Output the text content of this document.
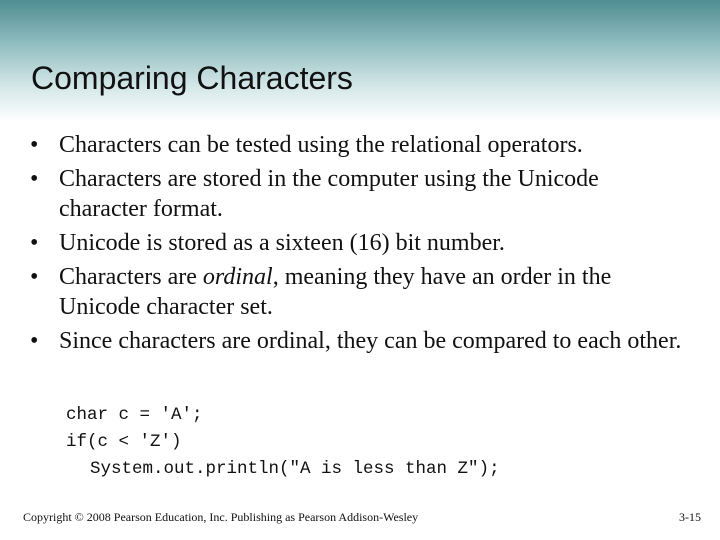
Comparing Characters
• Characters can be tested using the relational operators.
• Characters are stored in the computer using the Unicode character format.
• Unicode is stored as a sixteen (16) bit number.
• Characters are ordinal, meaning they have an order in the Unicode character set.
• Since characters are ordinal, they can be compared to each other.
char c = 'A';
if(c < 'Z')
System.out.println("A is less than Z");
Copyright © 2008 Pearson Education, Inc. Publishing as Pearson Addison-Wesley	3-15
